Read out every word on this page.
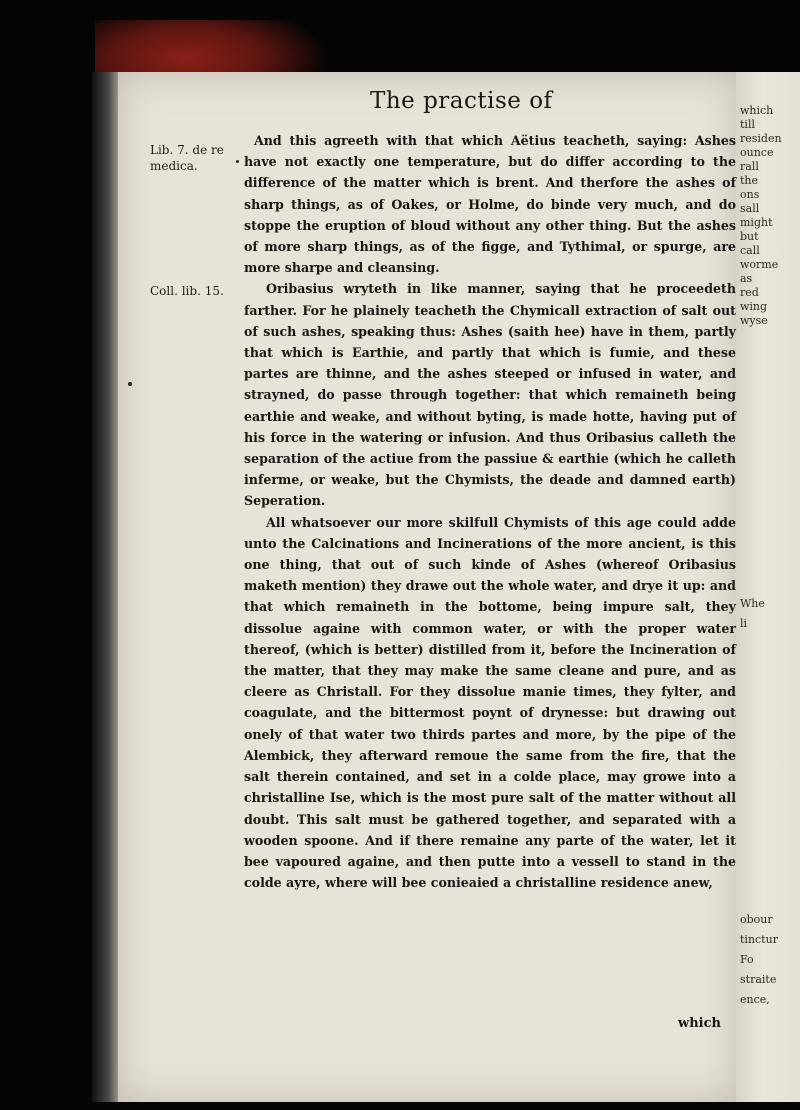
which
till
residen
ounce
rall
the
ons
sall
might
but
call
worme
as
red
wing
wyse
Whe
li
obour
tinctur
Fo
straite
ence,
The practise of
Lib. 7. de re medica.
Coll. lib. 15.

And this agreeth with that which Aëtius teacheth, saying: Ashes have not exactly one temperature, but do differ according to the difference of the matter which is brent. And therfore the ashes of sharp things, as of Oakes, or Holme, do binde very much, and do stoppe the eruption of bloud without any other thing. But the ashes of more sharp things, as of the figge, and Tythimal, or spurge, are more sharpe and cleansing.

Oribasius wryteth in like manner, saying that he proceedeth farther. For he plainely teacheth the Chymicall extraction of salt out of such ashes, speaking thus: Ashes (saith hee) have in them, partly that which is Earthie, and partly that which is fumie, and these partes are thinne, and the ashes steeped or infused in water, and strayned, do passe through together: that which remaineth being earthie and weake, and without byting, is made hotte, having put of his force in the watering or infusion. And thus Oribasius calleth the separation of the actiue from the passiue & earthie (which he calleth inferme, or weake, but the Chymists, the deade and damned earth) Seperation.

All whatsoever our more skilfull Chymists of this age could adde unto the Calcinations and Incinerations of the more ancient, is this one thing, that out of such kinde of Ashes (whereof Oribasius maketh mention) they drawe out the whole water, and drye it up: and that which remaineth in the bottome, being impure salt, they dissolue againe with common water, or with the proper water thereof, (which is better) distilled from it, before the Incineration of the matter, that they may make the same cleane and pure, and as cleere as Christall. For they dissolue manie times, they fylter, and coagulate, and the bittermost poynt of drynesse: but drawing out onely of that water two thirds partes and more, by the pipe of the Alembick, they afterward remoue the same from the fire, that the salt therein contained, and set in a colde place, may growe into a christalline Ise, which is the most pure salt of the matter without all doubt. This salt must be gathered together, and separated with a wooden spoone. And if there remaine any parte of the water, let it bee vapoured againe, and then putte into a vessell to stand in the colde ayre, where will bee conieaied a christalline residence anew,

which
